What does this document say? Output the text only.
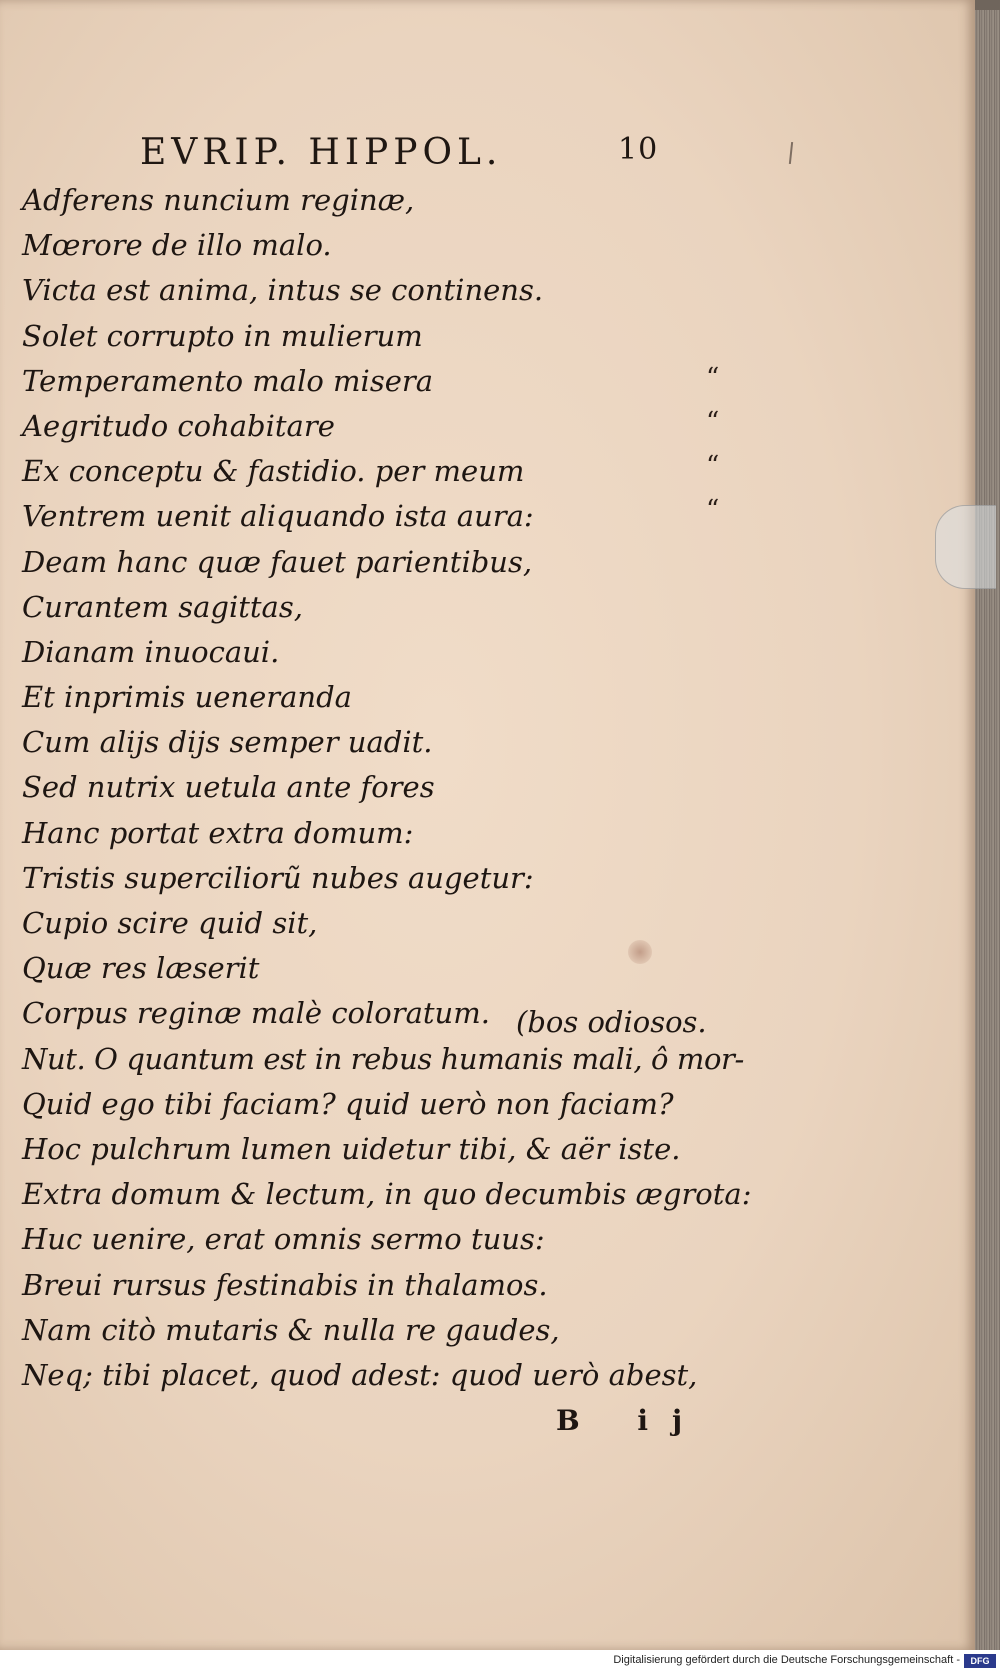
EVRIP. HIPPOL.	10
Adferens nuncium reginæ,
Mœrore de illo malo.
Victa est anima, intus se continens.
Solet corrupto in mulierum
Temperamento malo misera
Aegritudo cohabitare
Ex conceptu & fastidio. per meum
Ventrem uenit aliquando ista aura:
Deam hanc quæ fauet parientibus,
Curantem sagittas,
Dianam inuocaui.
Et inprimis ueneranda
Cum alijs dijs semper uadit.
Sed nutrix uetula ante fores
Hanc portat extra domum:
Tristis superciliorũ nubes augetur:
Cupio scire quid sit,
Quæ res læserit
Corpus reginæ malè coloratum.
Nut. O quantum est in rebus humanis mali, ô mor-
Quid ego tibi faciam? quid uerò non faciam?
Hoc pulchrum lumen uidetur tibi, & aër iste.
Extra domum & lectum, in quo decumbis ægrota:
Huc uenire, erat omnis sermo tuus:
Breui rursus festinabis in thalamos.
Nam citò mutaris & nulla re gaudes,
Neq; tibi placet, quod adest: quod uerò abest,
(bos odiosos.
“
“
“
“
B ij
Digitalisierung gefördert durch die Deutsche Forschungsgemeinschaft -	DFG
